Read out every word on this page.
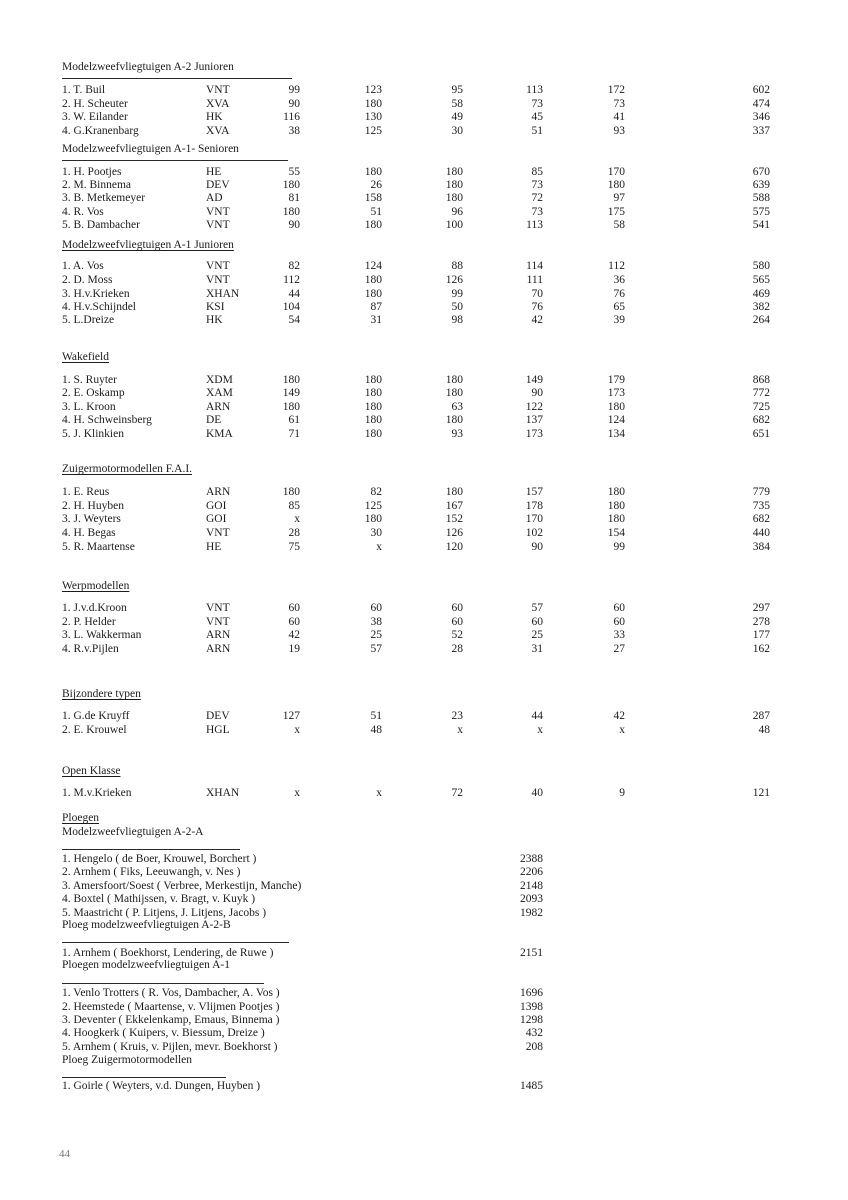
Modelzweefvliegtuigen A-2 Junioren
1. T. Buil	VNT	99	123	95	113	172	602
2. H. Scheuter	XVA	90	180	58	73	73	474
3. W. Eilander	HK	116	130	49	45	41	346
4. G.Kranenbarg	XVA	38	125	30	51	93	337
Modelzweefvliegtuigen A-1- Senioren
1. H. Pootjes	HE	55	180	180	85	170	670
2. M. Binnema	DEV	180	26	180	73	180	639
3. B. Metkemeyer	AD	81	158	180	72	97	588
4. R. Vos	VNT	180	51	96	73	175	575
5. B. Dambacher	VNT	90	180	100	113	58	541
Modelzweefvliegtuigen A-1 Junioren
1. A. Vos	VNT	82	124	88	114	112	580
2. D. Moss	VNT	112	180	126	111	36	565
3. H.v.Krieken	XHAN	44	180	99	70	76	469
4. H.v.Schijndel	KSI	104	87	50	76	65	382
5. L.Dreize	HK	54	31	98	42	39	264
Wakefield
1. S. Ruyter	XDM	180	180	180	149	179	868
2. E. Oskamp	XAM	149	180	180	90	173	772
3. L. Kroon	ARN	180	180	63	122	180	725
4. H. Schweinsberg	DE	61	180	180	137	124	682
5. J. Klinkien	KMA	71	180	93	173	134	651
Zuigermotormodellen F.A.I.
1. E. Reus	ARN	180	82	180	157	180	779
2. H. Huyben	GOI	85	125	167	178	180	735
3. J. Weyters	GOI	x	180	152	170	180	682
4. H. Begas	VNT	28	30	126	102	154	440
5. R. Maartense	HE	75	x	120	90	99	384
Werpmodellen
1. J.v.d.Kroon	VNT	60	60	60	57	60	297
2. P. Helder	VNT	60	38	60	60	60	278
3. L. Wakkerman	ARN	42	25	52	25	33	177
4. R.v.Pijlen	ARN	19	57	28	31	27	162
Bijzondere typen
1. G.de Kruyff	DEV	127	51	23	44	42	287
2. E. Krouwel	HGL	x	48	x	x	x	48
Open Klasse
1. M.v.Krieken	XHAN	x	x	72	40	9	121
Ploegen
Modelzweefvliegtuigen A-2-A
1. Hengelo ( de Boer, Krouwel, Borchert )	2388
2. Arnhem ( Fiks, Leeuwangh, v. Nes )	2206
3. Amersfoort/Soest ( Verbree, Merkestijn, Manche)	2148
4. Boxtel ( Mathijssen, v. Bragt, v. Kuyk )	2093
5. Maastricht ( P. Litjens, J. Litjens, Jacobs )	1982
Ploeg modelzweefvliegtuigen A-2-B
1. Arnhem ( Boekhorst, Lendering, de Ruwe )	2151
Ploegen modelzweefvliegtuigen A-1
1. Venlo Trotters ( R. Vos, Dambacher, A. Vos )	1696
2. Heemstede ( Maartense, v. Vlijmen Pootjes )	1398
3. Deventer ( Ekkelenkamp, Emaus, Binnema )	1298
4. Hoogkerk ( Kuipers, v. Biessum, Dreize )	432
5. Arnhem ( Kruis, v. Pijlen, mevr. Boekhorst )	208
Ploeg Zuigermotormodellen
1. Goirle ( Weyters, v.d. Dungen, Huyben )	1485
44
